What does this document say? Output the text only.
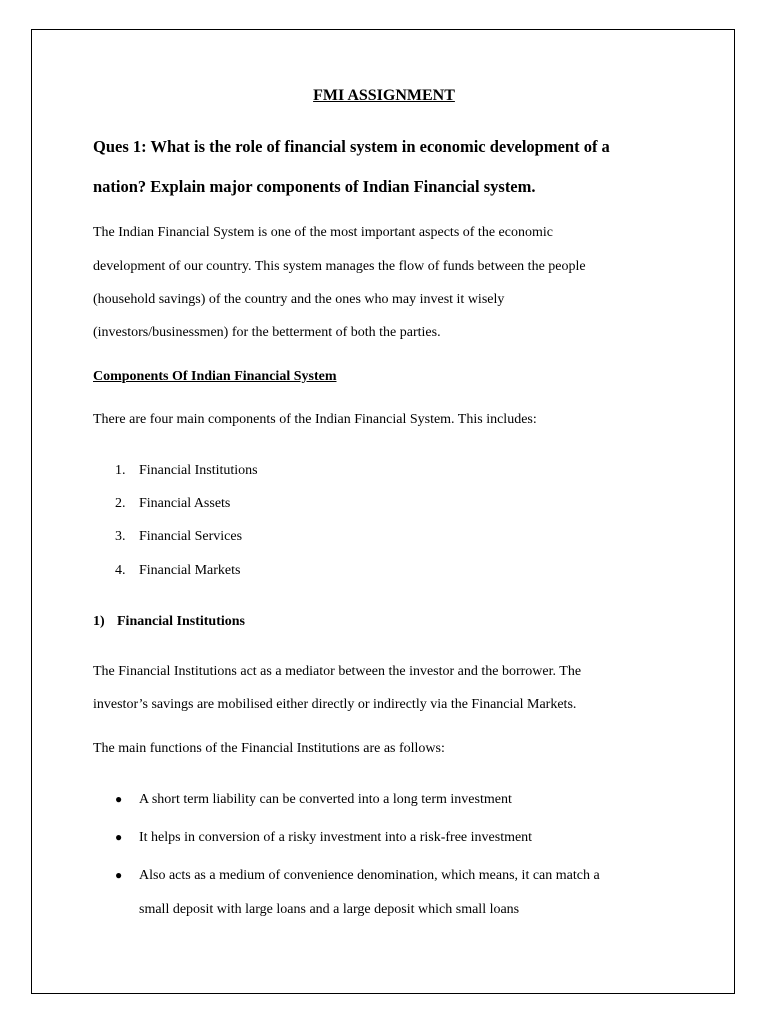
FMI ASSIGNMENT
Ques 1: What is the role of financial system in economic development of a
nation? Explain major components of Indian Financial system.
The Indian Financial System is one of the most important aspects of the economic
development of our country. This system manages the flow of funds between the people
(household savings) of the country and the ones who may invest it wisely
(investors/businessmen) for the betterment of both the parties.
Components Of Indian Financial System
There are four main components of the Indian Financial System. This includes:
1. Financial Institutions
2. Financial Assets
3. Financial Services
4. Financial Markets
1) Financial Institutions
The Financial Institutions act as a mediator between the investor and the borrower. The
investor’s savings are mobilised either directly or indirectly via the Financial Markets.
The main functions of the Financial Institutions are as follows:
● A short term liability can be converted into a long term investment
● It helps in conversion of a risky investment into a risk-free investment
● Also acts as a medium of convenience denomination, which means, it can match a
small deposit with large loans and a large deposit which small loans
